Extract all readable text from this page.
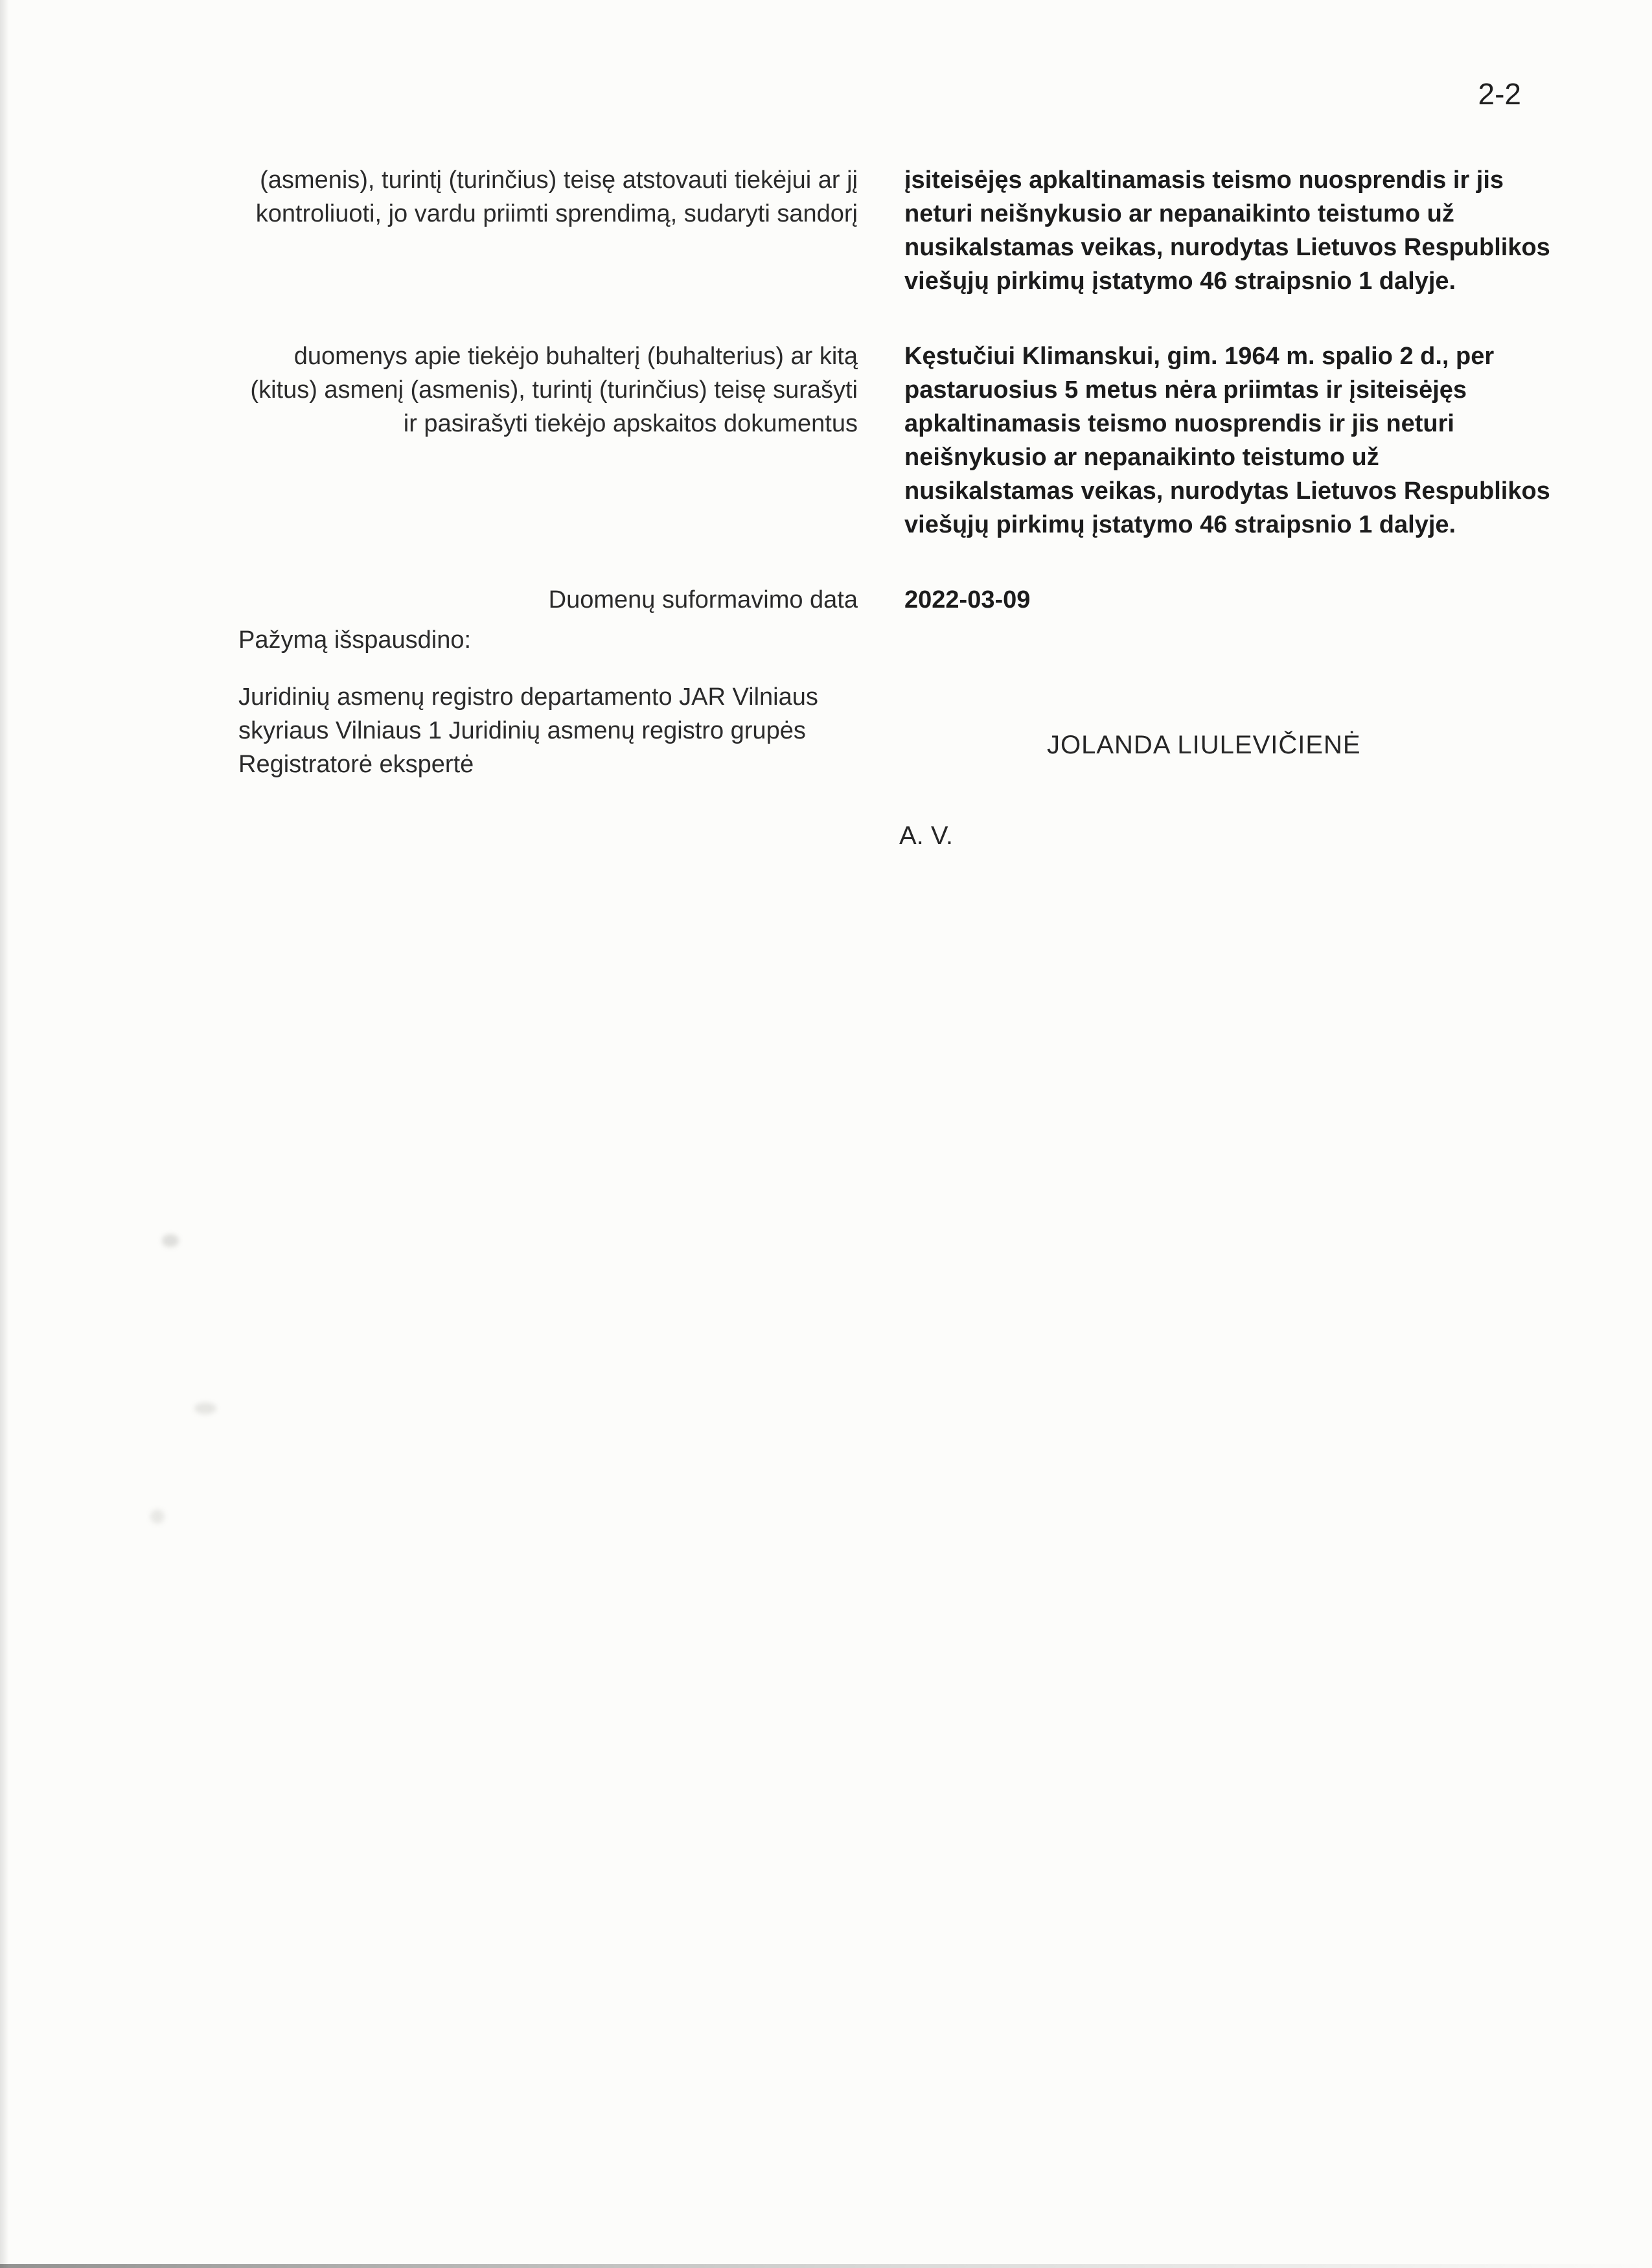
2-2
(asmenis), turintį (turinčius) teisę atstovauti tiekėjui ar jį kontroliuoti, jo vardu priimti sprendimą, sudaryti sandorį
įsiteisėjęs apkaltinamasis teismo nuosprendis ir jis neturi neišnykusio ar nepanaikinto teistumo už nusikalstamas veikas, nurodytas Lietuvos Respublikos viešųjų pirkimų įstatymo 46 straipsnio 1 dalyje.
duomenys apie tiekėjo buhalterį (buhalterius) ar kitą (kitus) asmenį (asmenis), turintį (turinčius) teisę surašyti ir pasirašyti tiekėjo apskaitos dokumentus
Kęstučiui Klimanskui, gim. 1964 m. spalio 2 d., per pastaruosius 5 metus nėra priimtas ir įsiteisėjęs apkaltinamasis teismo nuosprendis ir jis neturi neišnykusio ar nepanaikinto teistumo už nusikalstamas veikas, nurodytas Lietuvos Respublikos viešųjų pirkimų įstatymo 46 straipsnio 1 dalyje.
Duomenų suformavimo data 2022-03-09
Pažymą išspausdino:
Juridinių asmenų registro departamento JAR Vilniaus skyriaus Vilniaus 1 Juridinių asmenų registro grupės
Registratorė ekspertė
JOLANDA LIULEVIČIENĖ
A. V.
